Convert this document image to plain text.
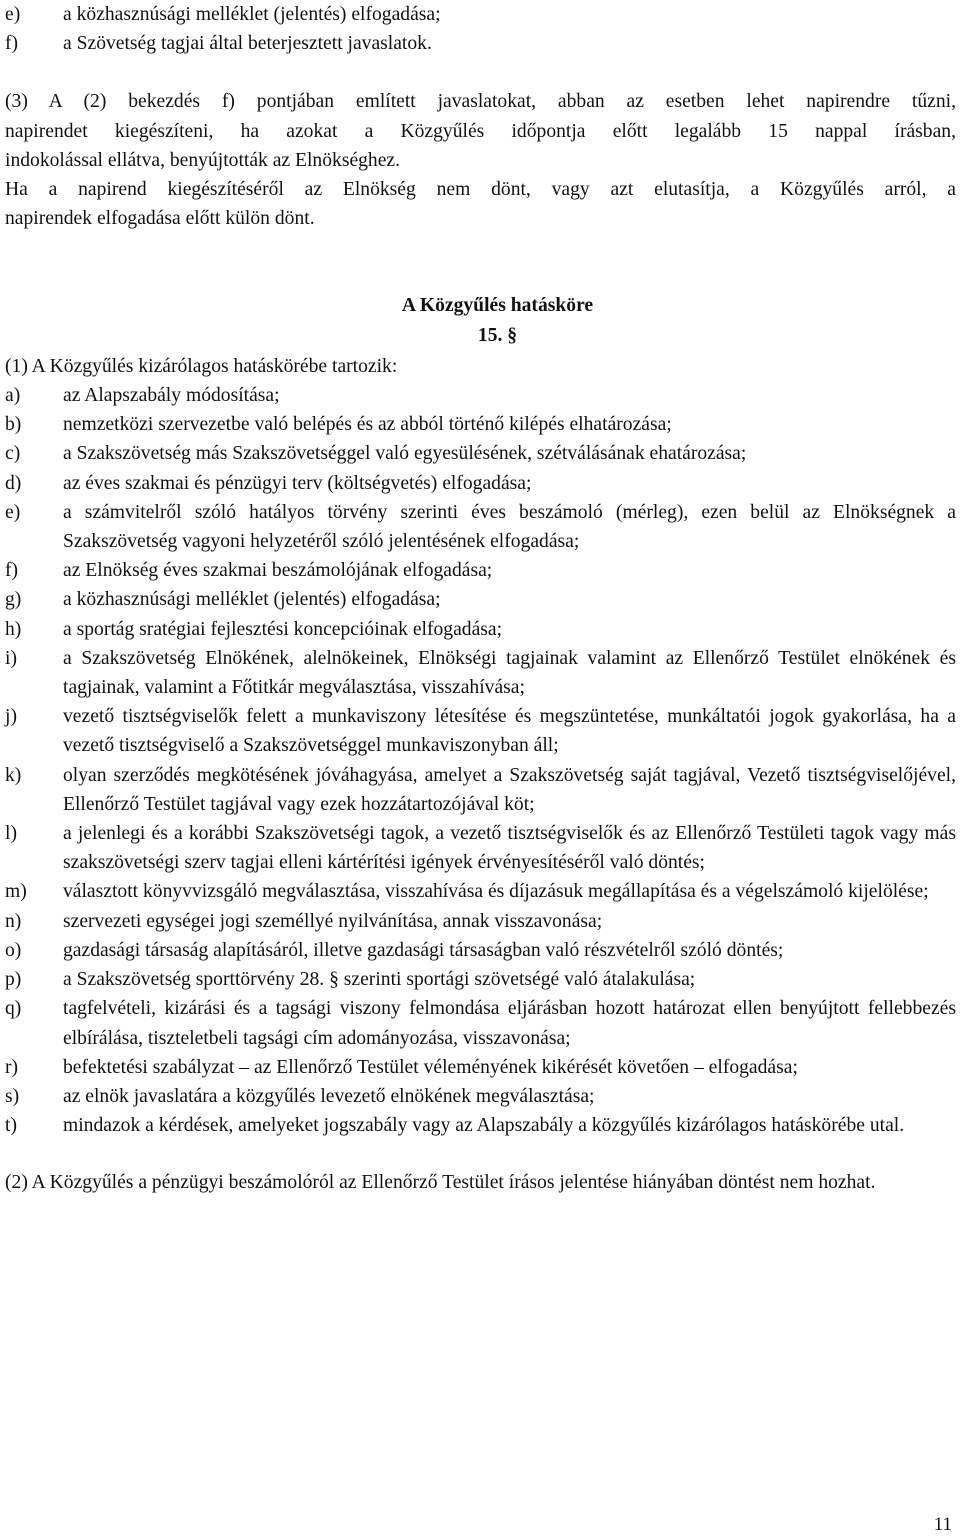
e)	a közhasznúsági melléklet (jelentés) elfogadása;
f)	a Szövetség tagjai által beterjesztett javaslatok.
(3) A (2) bekezdés f) pontjában említett javaslatokat, abban az esetben lehet napirendre tűzni,
napirendet kiegészíteni, ha azokat a Közgyűlés időpontja előtt legalább 15 nappal írásban,
indokolással ellátva, benyújtották az Elnökséghez.
Ha a napirend kiegészítéséről az Elnökség nem dönt, vagy azt elutasítja, a Közgyűlés arról, a
napirendek elfogadása előtt külön dönt.
A Közgyűlés hatásköre
15. §
(1) A Közgyűlés kizárólagos hatáskörébe tartozik:
a)	az Alapszabály módosítása;
b)	nemzetközi szervezetbe való belépés és az abból történő kilépés elhatározása;
c)	a Szakszövetség más Szakszövetséggel való egyesülésének, szétválásának ehatározása;
d)	az éves szakmai és pénzügyi terv (költségvetés) elfogadása;
e)	a számvitelről szóló hatályos törvény szerinti éves beszámoló (mérleg), ezen belül az Elnökségnek a Szakszövetség vagyoni helyzetéről szóló jelentésének elfogadása;
f)	az Elnökség éves szakmai beszámolójának elfogadása;
g)	a közhasznúsági melléklet (jelentés) elfogadása;
h)	a sportág sratégiai fejlesztési koncepcióinak elfogadása;
i)	a Szakszövetség Elnökének, alelnökeinek, Elnökségi tagjainak valamint az Ellenőrző Testület elnökének és tagjainak, valamint a Főtitkár megválasztása, visszahívása;
j)	vezető tisztségviselők felett a munkaviszony létesítése és megszüntetése, munkáltatói jogok gyakorlása, ha a vezető tisztségviselő a Szakszövetséggel munkaviszonyban áll;
k)	olyan szerződés megkötésének jóváhagyása, amelyet a Szakszövetség saját tagjával, Vezető tisztségviselőjével, Ellenőrző Testület tagjával vagy ezek hozzátartozójával köt;
l)	a jelenlegi és a korábbi Szakszövetségi tagok, a vezető tisztségviselők és az Ellenőrző Testületi tagok vagy más szakszövetségi szerv tagjai elleni kártérítési igények érvényesítéséről való döntés;
m)	választott könyvvizsgáló megválasztása, visszahívása és díjazásuk megállapítása és a végelszámoló kijelölése;
n)	szervezeti egységei jogi személlyé nyilvánítása, annak visszavonása;
o)	gazdasági társaság alapításáról, illetve gazdasági társaságban való részvételről szóló döntés;
p)	a Szakszövetség sporttörvény 28. § szerinti sportági szövetségé való átalakulása;
q)	tagfelvételi, kizárási és a tagsági viszony felmondása eljárásban hozott határozat ellen benyújtott fellebbezés elbírálása, tiszteletbeli tagsági cím adományozása, visszavonása;
r)	befektetési szabályzat – az Ellenőrző Testület véleményének kikérését követően – elfogadása;
s)	az elnök javaslatára a közgyűlés levezető elnökének megválasztása;
t)	mindazok a kérdések, amelyeket jogszabály vagy az Alapszabály a közgyűlés kizárólagos hatáskörébe utal.
(2) A Közgyűlés a pénzügyi beszámolóról az Ellenőrző Testület írásos jelentése hiányában döntést nem hozhat.
11
